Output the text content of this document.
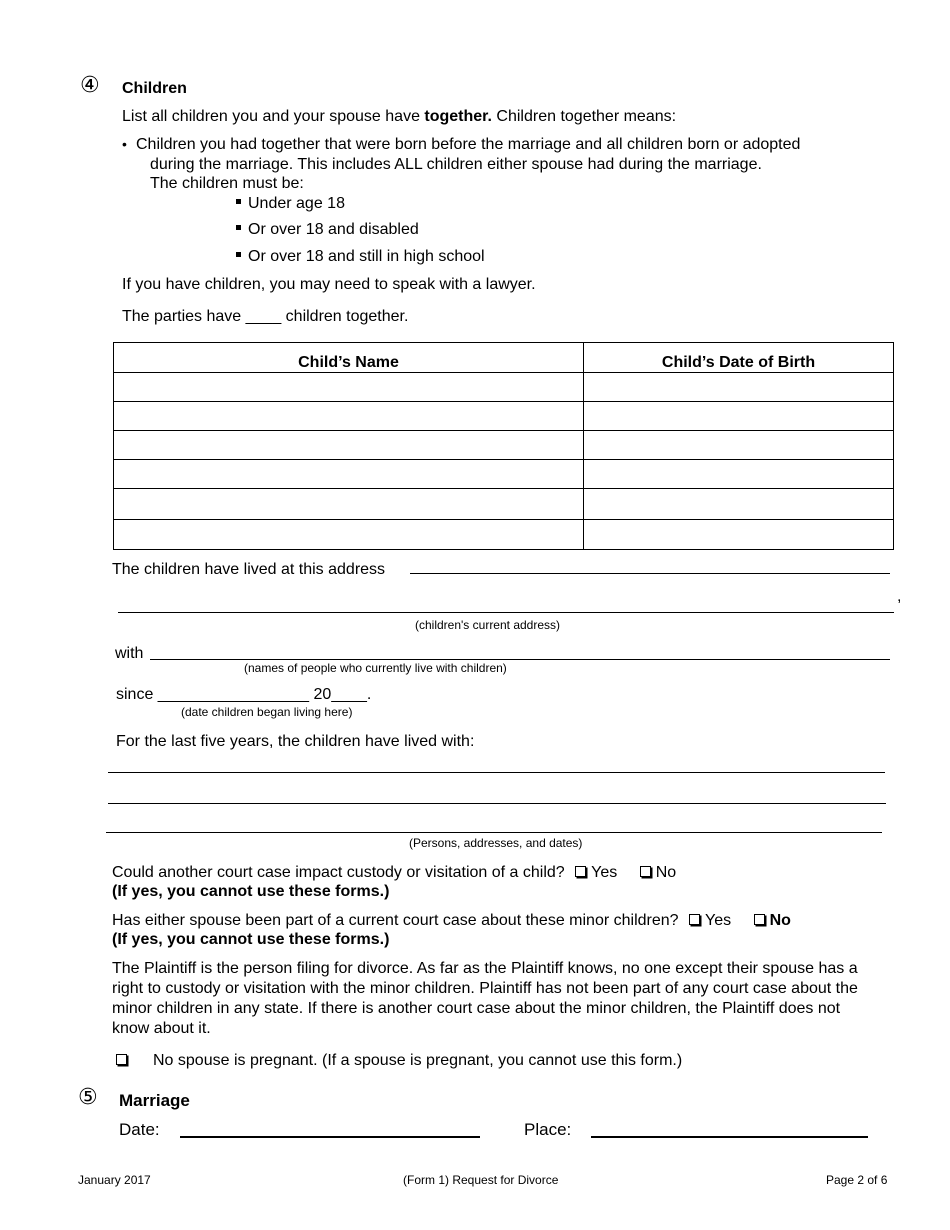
④ Children
List all children you and your spouse have together. Children together means:
• Children you had together that were born before the marriage and all children born or adopted
during the marriage. This includes ALL children either spouse had during the marriage.
The children must be:
Under age 18
Or over 18 and disabled
Or over 18 and still in high school
If you have children, you may need to speak with a lawyer.
The parties have ____ children together.
Child’s Name	Child’s Date of Birth

The children have lived at this address
,
(children's current address)
with
(names of people who currently live with children)
since _________________ 20____.
(date children began living here)
For the last five years, the children have lived with:
(Persons, addresses, and dates)
Could another court case impact custody or visitation of a child? Yes No
(If yes, you cannot use these forms.)
Has either spouse been part of a current court case about these minor children? Yes No
(If yes, you cannot use these forms.)
The Plaintiff is the person filing for divorce. As far as the Plaintiff knows, no one except their spouse has a right to custody or visitation with the minor children. Plaintiff has not been part of any court case about the minor children in any state. If there is another court case about the minor children, the Plaintiff does not know about it.
No spouse is pregnant. (If a spouse is pregnant, you cannot use this form.)
⑤ Marriage
Date:	Place:
January 2017	(Form 1) Request for Divorce	Page 2 of 6
